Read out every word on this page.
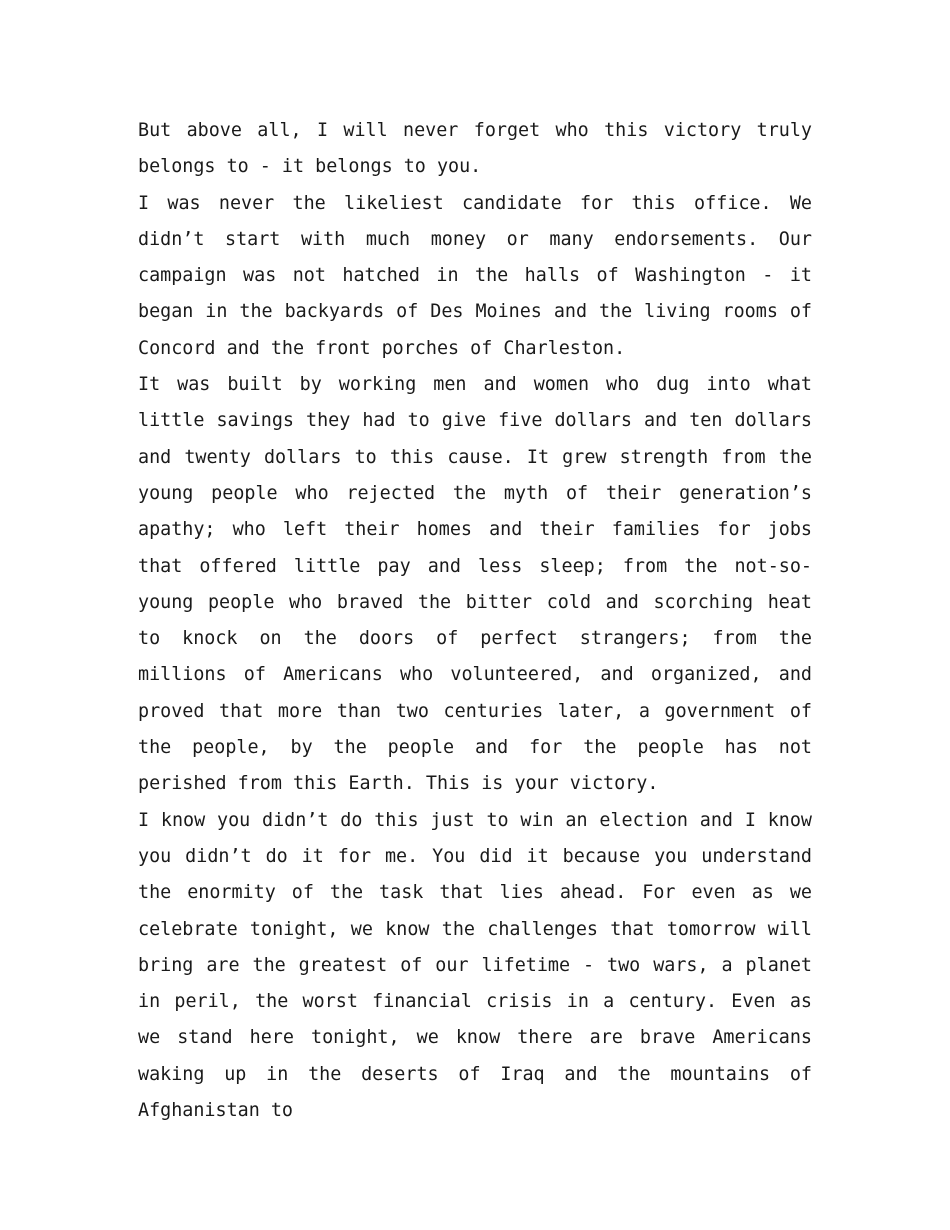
But above all, I will never forget who this victory truly belongs to - it belongs to you.

I was never the likeliest candidate for this office. We didn’t start with much money or many endorsements. Our campaign was not hatched in the halls of Washington - it began in the backyards of Des Moines and the living rooms of Concord and the front porches of Charleston.

It was built by working men and women who dug into what little savings they had to give five dollars and ten dollars and twenty dollars to this cause. It grew strength from the young people who rejected the myth of their generation’s apathy; who left their homes and their families for jobs that offered little pay and less sleep; from the not-so-young people who braved the bitter cold and scorching heat to knock on the doors of perfect strangers; from the millions of Americans who volunteered, and organized, and proved that more than two centuries later, a government of the people, by the people and for the people has not perished from this Earth. This is your victory.

I know you didn’t do this just to win an election and I know you didn’t do it for me. You did it because you understand the enormity of the task that lies ahead. For even as we celebrate tonight, we know the challenges that tomorrow will bring are the greatest of our lifetime - two wars, a planet in peril, the worst financial crisis in a century. Even as we stand here tonight, we know there are brave Americans waking up in the deserts of Iraq and the mountains of Afghanistan to
